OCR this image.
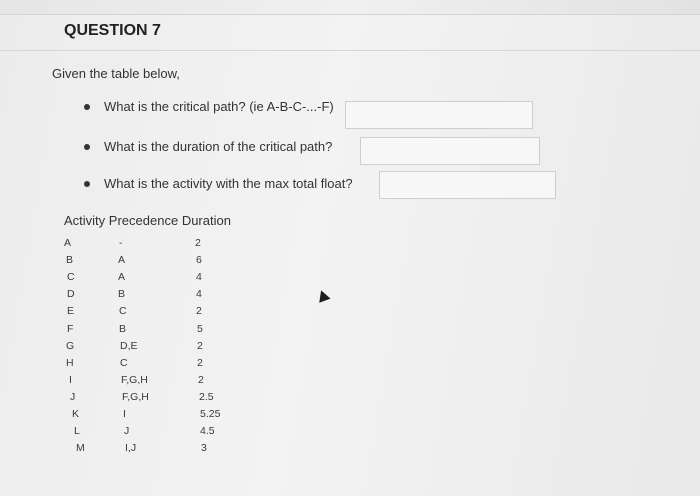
QUESTION 7
Given the table below,
What is the critical path? (ie A-B-C-...-F)
What is the duration of the critical path?
What is the activity with the max total float?
Activity Precedence Duration
A	-	2
B	A	6
C	A	4
D	B	4
E	C	2
F	B	5
G	D,E	2
H	C	2
I	F,G,H	2
J	F,G,H	2.5
K	I	5.25
L	J	4.5
M	I,J	3
